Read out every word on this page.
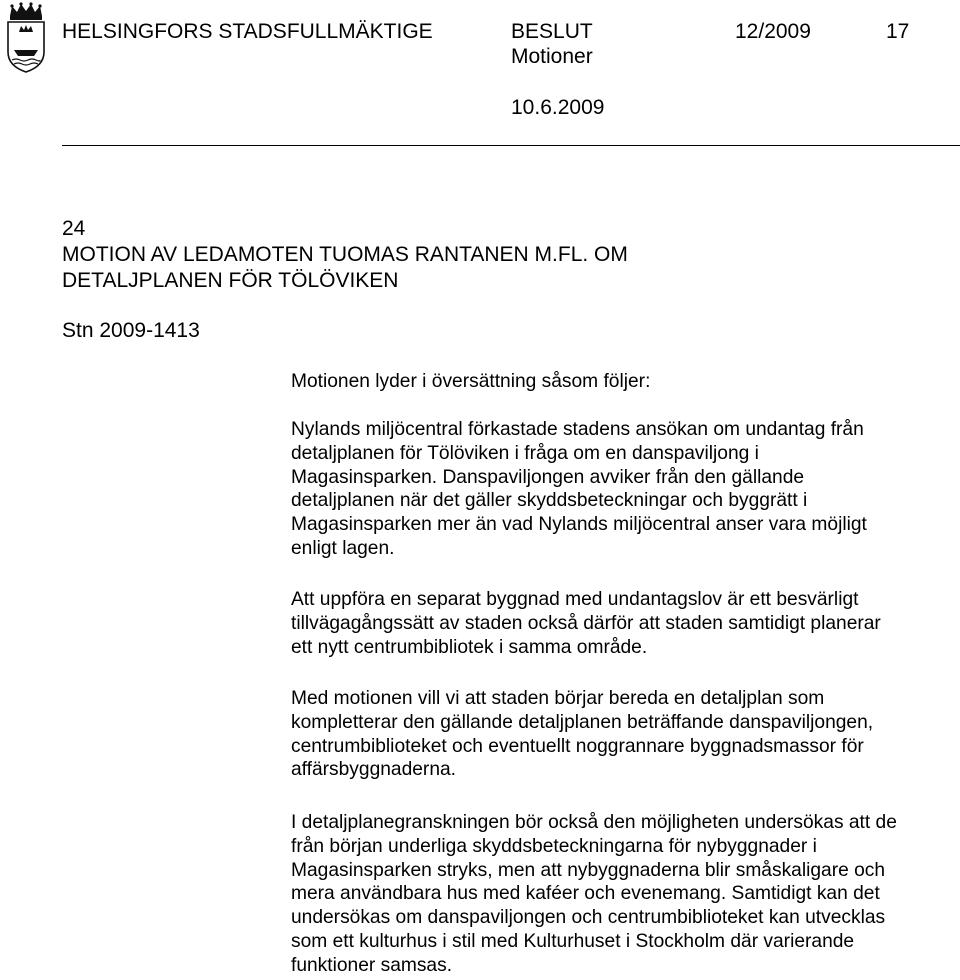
HELSINGFORS STADSFULLMÄKTIGE	BESLUT	12/2009	17
Motioner
10.6.2009
24
MOTION AV LEDAMOTEN TUOMAS RANTANEN M.FL. OM
DETALJPLANEN FÖR TÖLÖVIKEN
Stn 2009-1413
Motionen lyder i översättning såsom följer:
Nylands miljöcentral förkastade stadens ansökan om undantag från
detaljplanen för Tölöviken i fråga om en danspaviljong i
Magasinsparken. Danspaviljongen avviker från den gällande
detaljplanen när det gäller skyddsbeteckningar och byggrätt i
Magasinsparken mer än vad Nylands miljöcentral anser vara möjligt
enligt lagen.
Att uppföra en separat byggnad med undantagslov är ett besvärligt
tillvägagångssätt av staden också därför att staden samtidigt planerar
ett nytt centrumbibliotek i samma område.
Med motionen vill vi att staden börjar bereda en detaljplan som
kompletterar den gällande detaljplanen beträffande danspaviljongen,
centrumbiblioteket och eventuellt noggrannare byggnadsmassor för
affärsbyggnaderna.
I detaljplanegranskningen bör också den möjligheten undersökas att de
från början underliga skyddsbeteckningarna för nybyggnader i
Magasinsparken stryks, men att nybyggnaderna blir småskaligare och
mera användbara hus med kaféer och evenemang. Samtidigt kan det
undersökas om danspaviljongen och centrumbiblioteket kan utvecklas
som ett kulturhus i stil med Kulturhuset i Stockholm där varierande
funktioner samsas.
